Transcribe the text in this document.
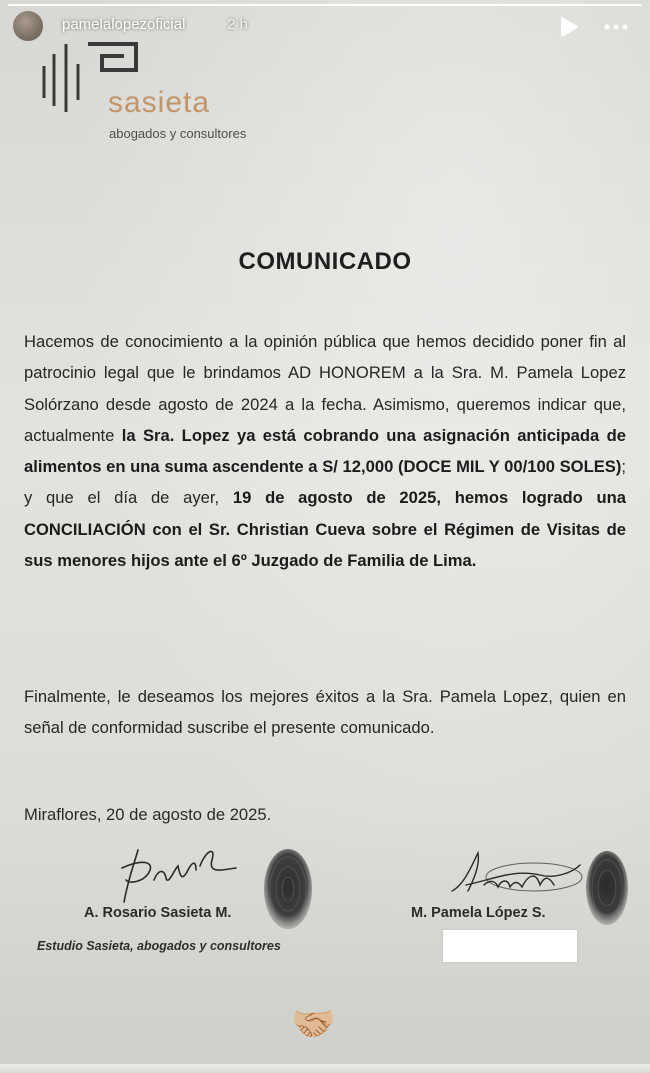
pamelalopezoficial	2 h
sasieta
abogados y consultores
COMUNICADO
Hacemos de conocimiento a la opinión pública que hemos decidido poner fin al patrocinio legal que le brindamos AD HONOREM a la Sra. M. Pamela Lopez Solórzano desde agosto de 2024 a la fecha. Asimismo, queremos indicar que, actualmente la Sra. Lopez ya está cobrando una asignación anticipada de alimentos en una suma ascendente a S/ 12,000 (DOCE MIL Y 00/100 SOLES); y que el día de ayer, 19 de agosto de 2025, hemos logrado una CONCILIACIÓN con el Sr. Christian Cueva sobre el Régimen de Visitas de sus menores hijos ante el 6º Juzgado de Familia de Lima.
Finalmente, le deseamos los mejores éxitos a la Sra. Pamela Lopez, quien en señal de conformidad suscribe el presente comunicado.
Miraflores, 20 de agosto de 2025.
A. Rosario Sasieta M.
Estudio Sasieta, abogados y consultores
M. Pamela López S.
🤝🏼
